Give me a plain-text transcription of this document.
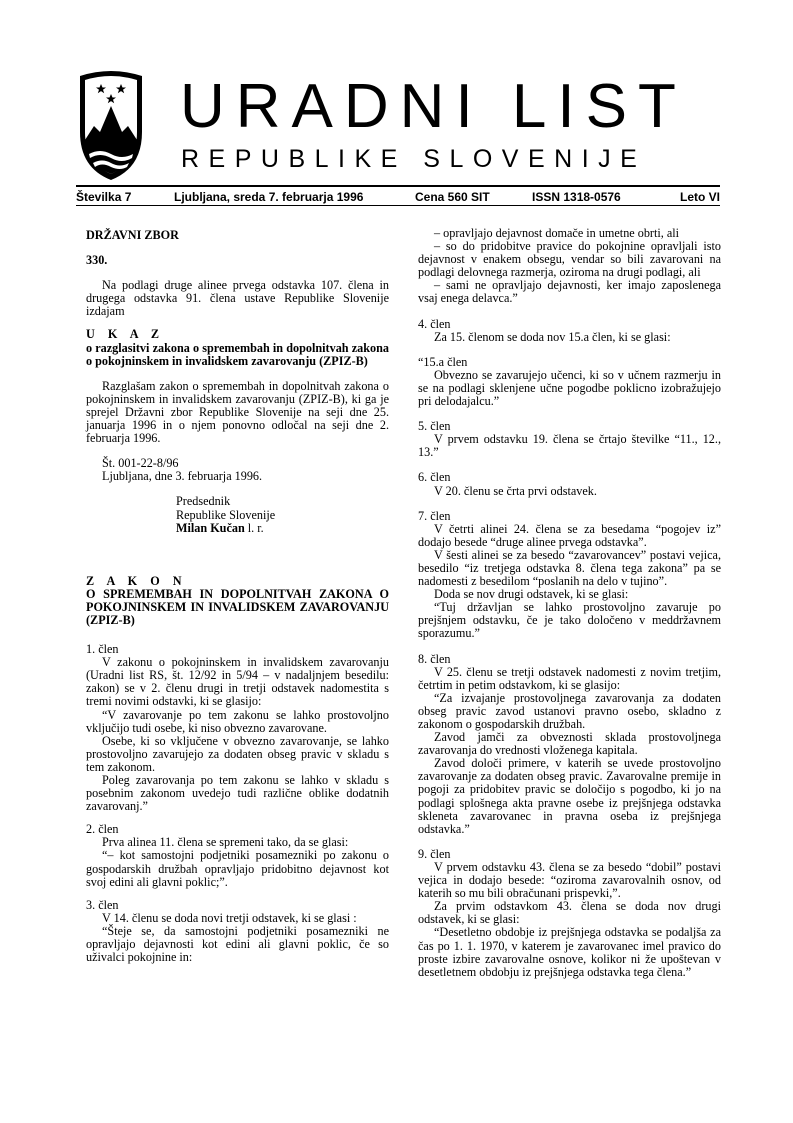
URADNI LIST
REPUBLIKE SLOVENIJE
Številka 7	Ljubljana, sreda 7. februarja 1996	Cena 560 SIT	ISSN 1318-0576	Leto VI

DRŽAVNI ZBOR

330.

Na podlagi druge alinee prvega odstavka 107. člena in drugega odstavka 91. člena ustave Republike Slovenije izdajam

U K A Z

o razglasitvi zakona o spremembah in dopolnitvah zakona o pokojninskem in invalidskem zavarovanju (ZPIZ-B)

Razglašam zakon o spremembah in dopolnitvah zakona o pokojninskem in invalidskem zavarovanju (ZPIZ-B), ki ga je sprejel Državni zbor Republike Slovenije na seji dne 25. januarja 1996 in o njem ponovno odločal na seji dne 2. februarja 1996.

Št. 001-22-8/96

Ljubljana, dne 3. februarja 1996.

Predsednik

Republike Slovenije

Milan Kučan l. r.

Z A K O N

O SPREMEMBAH IN DOPOLNITVAH ZAKONA O POKOJNINSKEM IN INVALIDSKEM ZAVAROVANJU (ZPIZ-B)

1. člen

V zakonu o pokojninskem in invalidskem zavarovanju (Uradni list RS, št. 12/92 in 5/94 – v nadaljnjem besedilu: zakon) se v 2. členu drugi in tretji odstavek nadomestita s tremi novimi odstavki, ki se glasijo:

“V zavarovanje po tem zakonu se lahko prostovoljno vključijo tudi osebe, ki niso obvezno zavarovane.

Osebe, ki so vključene v obvezno zavarovanje, se lahko prostovoljno zavarujejo za dodaten obseg pravic v skladu s tem zakonom.

Poleg zavarovanja po tem zakonu se lahko v skladu s posebnim zakonom uvedejo tudi različne oblike dodatnih zavarovanj.”

2. člen

Prva alinea 11. člena se spremeni tako, da se glasi:

“– kot samostojni podjetniki posamezniki po zakonu o gospodarskih družbah opravljajo pridobitno dejavnost kot svoj edini ali glavni poklic;”.

3. člen

V 14. členu se doda novi tretji odstavek, ki se glasi :

“Šteje se, da samostojni podjetniki posamezniki ne opravljajo dejavnosti kot edini ali glavni poklic, če so uživalci pokojnine in:

– opravljajo dejavnost domače in umetne obrti, ali

– so do pridobitve pravice do pokojnine opravljali isto dejavnost v enakem obsegu, vendar so bili zavarovani na podlagi delovnega razmerja, oziroma na drugi podlagi, ali

– sami ne opravljajo dejavnosti, ker imajo zaposlenega vsaj enega delavca.”

4. člen

Za 15. členom se doda nov 15.a člen, ki se glasi:

“15.a člen

Obvezno se zavarujejo učenci, ki so v učnem razmerju in se na podlagi sklenjene učne pogodbe poklicno izobražujejo pri delodajalcu.”

5. člen

V prvem odstavku 19. člena se črtajo številke “11., 12., 13.”

6. člen

V 20. členu se črta prvi odstavek.

7. člen

V četrti alinei 24. člena se za besedama “pogojev iz” dodajo besede “druge alinee prvega odstavka”.

V šesti alinei se za besedo “zavarovancev” postavi vejica, besedilo “iz tretjega odstavka 8. člena tega zakona” pa se nadomesti z besedilom “poslanih na delo v tujino”.

Doda se nov drugi odstavek, ki se glasi:

“Tuj državljan se lahko prostovoljno zavaruje po prejšnjem odstavku, če je tako določeno v meddržavnem sporazumu.”

8. člen

V 25. členu se tretji odstavek nadomesti z novim tretjim, četrtim in petim odstavkom, ki se glasijo:

“Za izvajanje prostovoljnega zavarovanja za dodaten obseg pravic zavod ustanovi pravno osebo, skladno z zakonom o gospodarskih družbah.

Zavod jamči za obveznosti sklada prostovoljnega zavarovanja do vrednosti vloženega kapitala.

Zavod določi primere, v katerih se uvede prostovoljno zavarovanje za dodaten obseg pravic. Zavarovalne premije in pogoji za pridobitev pravic se določijo s pogodbo, ki jo na podlagi splošnega akta pravne osebe iz prejšnjega odstavka skleneta zavarovanec in pravna oseba iz prejšnjega odstavka.”

9. člen

V prvem odstavku 43. člena se za besedo “dobil” postavi vejica in dodajo besede: “oziroma zavarovalnih osnov, od katerih so mu bili obračunani prispevki,”.

Za prvim odstavkom 43. člena se doda nov drugi odstavek, ki se glasi:

“Desetletno obdobje iz prejšnjega odstavka se podaljša za čas po 1. 1. 1970, v katerem je zavarovanec imel pravico do proste izbire zavarovalne osnove, kolikor ni že upoštevan v desetletnem obdobju iz prejšnjega odstavka tega člena.”
